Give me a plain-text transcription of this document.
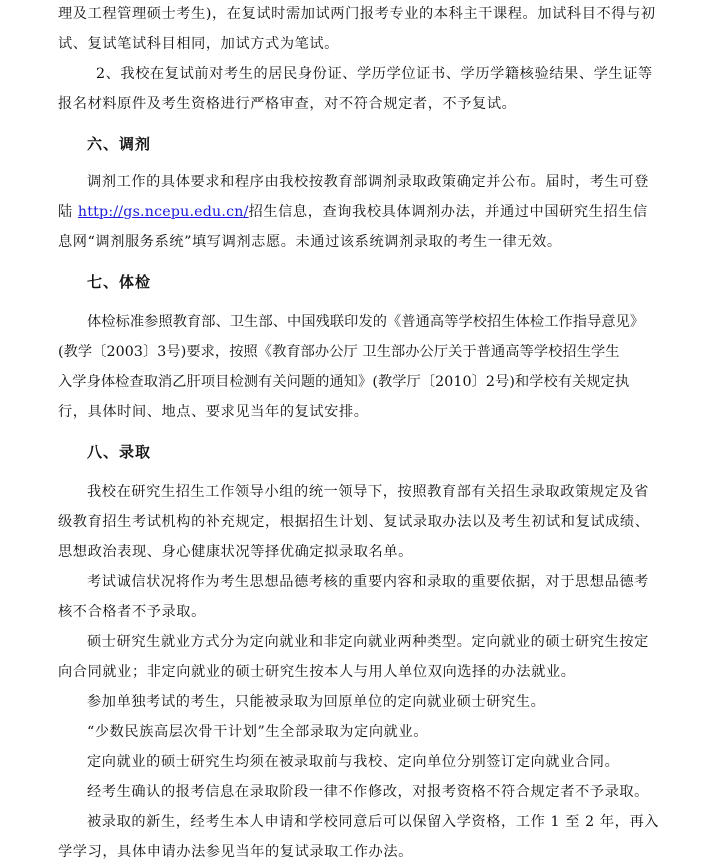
理及工程管理硕士考生)，在复试时需加试两门报考专业的本科主干课程。加试科目不得与初
试、复试笔试科目相同，加试方式为笔试。
2、我校在复试前对考生的居民身份证、学历学位证书、学历学籍核验结果、学生证等
报名材料原件及考生资格进行严格审查，对不符合规定者，不予复试。
六、调剂
调剂工作的具体要求和程序由我校按教育部调剂录取政策确定并公布。届时，考生可登
陆 http://gs.ncepu.edu.cn/招生信息，查询我校具体调剂办法，并通过中国研究生招生信
息网“调剂服务系统”填写调剂志愿。未通过该系统调剂录取的考生一律无效。
七、体检
体检标准参照教育部、卫生部、中国残联印发的《普通高等学校招生体检工作指导意见》
(教学〔2003〕3号)要求，按照《教育部办公厅 卫生部办公厅关于普通高等学校招生学生
入学身体检查取消乙肝项目检测有关问题的通知》(教学厅〔2010〕2号)和学校有关规定执
行，具体时间、地点、要求见当年的复试安排。
八、录取
我校在研究生招生工作领导小组的统一领导下，按照教育部有关招生录取政策规定及省
级教育招生考试机构的补充规定，根据招生计划、复试录取办法以及考生初试和复试成绩、
思想政治表现、身心健康状况等择优确定拟录取名单。
考试诚信状况将作为考生思想品德考核的重要内容和录取的重要依据，对于思想品德考
核不合格者不予录取。
硕士研究生就业方式分为定向就业和非定向就业两种类型。定向就业的硕士研究生按定
向合同就业；非定向就业的硕士研究生按本人与用人单位双向选择的办法就业。
参加单独考试的考生，只能被录取为回原单位的定向就业硕士研究生。
“少数民族高层次骨干计划”生全部录取为定向就业。
定向就业的硕士研究生均须在被录取前与我校、定向单位分别签订定向就业合同。
经考生确认的报考信息在录取阶段一律不作修改，对报考资格不符合规定者不予录取。
被录取的新生，经考生本人申请和学校同意后可以保留入学资格，工作 1 至 2 年，再入
学学习，具体申请办法参见当年的复试录取工作办法。
